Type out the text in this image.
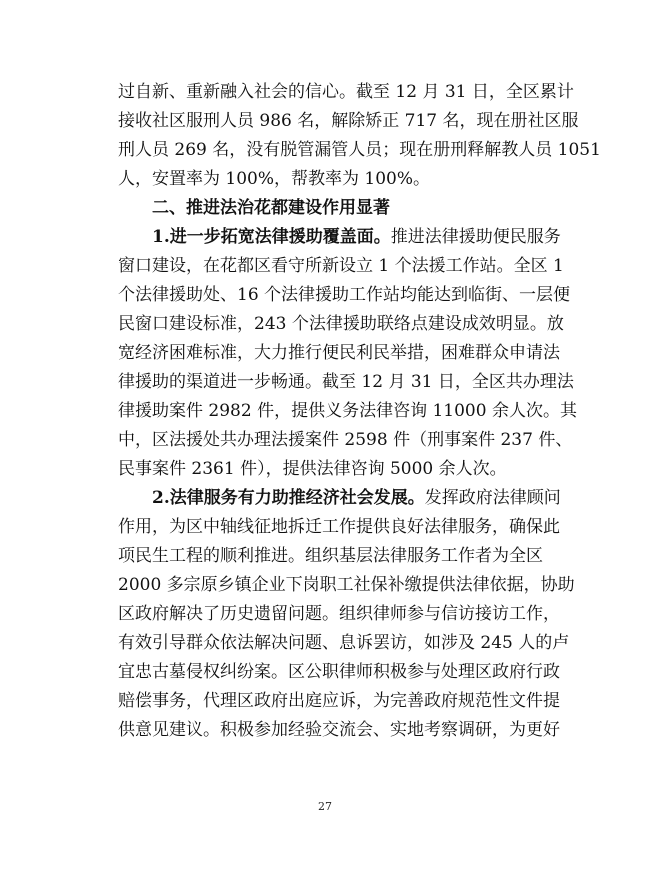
过自新、重新融入社会的信心。截至 12 月 31 日，全区累计
接收社区服刑人员 986 名，解除矫正 717 名，现在册社区服
刑人员 269 名，没有脱管漏管人员；现在册刑释解教人员 1051
人，安置率为 100%，帮教率为 100%。
二、推进法治花都建设作用显著
1.进一步拓宽法律援助覆盖面。推进法律援助便民服务
窗口建设，在花都区看守所新设立 1 个法援工作站。全区 1
个法律援助处、16 个法律援助工作站均能达到临街、一层便
民窗口建设标准，243 个法律援助联络点建设成效明显。放
宽经济困难标准，大力推行便民利民举措，困难群众申请法
律援助的渠道进一步畅通。截至 12 月 31 日，全区共办理法
律援助案件 2982 件，提供义务法律咨询 11000 余人次。其
中，区法援处共办理法援案件 2598 件（刑事案件 237 件、
民事案件 2361 件），提供法律咨询 5000 余人次。
2.法律服务有力助推经济社会发展。发挥政府法律顾问
作用，为区中轴线征地拆迁工作提供良好法律服务，确保此
项民生工程的顺利推进。组织基层法律服务工作者为全区
2000 多宗原乡镇企业下岗职工社保补缴提供法律依据，协助
区政府解决了历史遗留问题。组织律师参与信访接访工作，
有效引导群众依法解决问题、息诉罢访，如涉及 245 人的卢
宜忠古墓侵权纠纷案。区公职律师积极参与处理区政府行政
赔偿事务，代理区政府出庭应诉，为完善政府规范性文件提
供意见建议。积极参加经验交流会、实地考察调研，为更好
27
